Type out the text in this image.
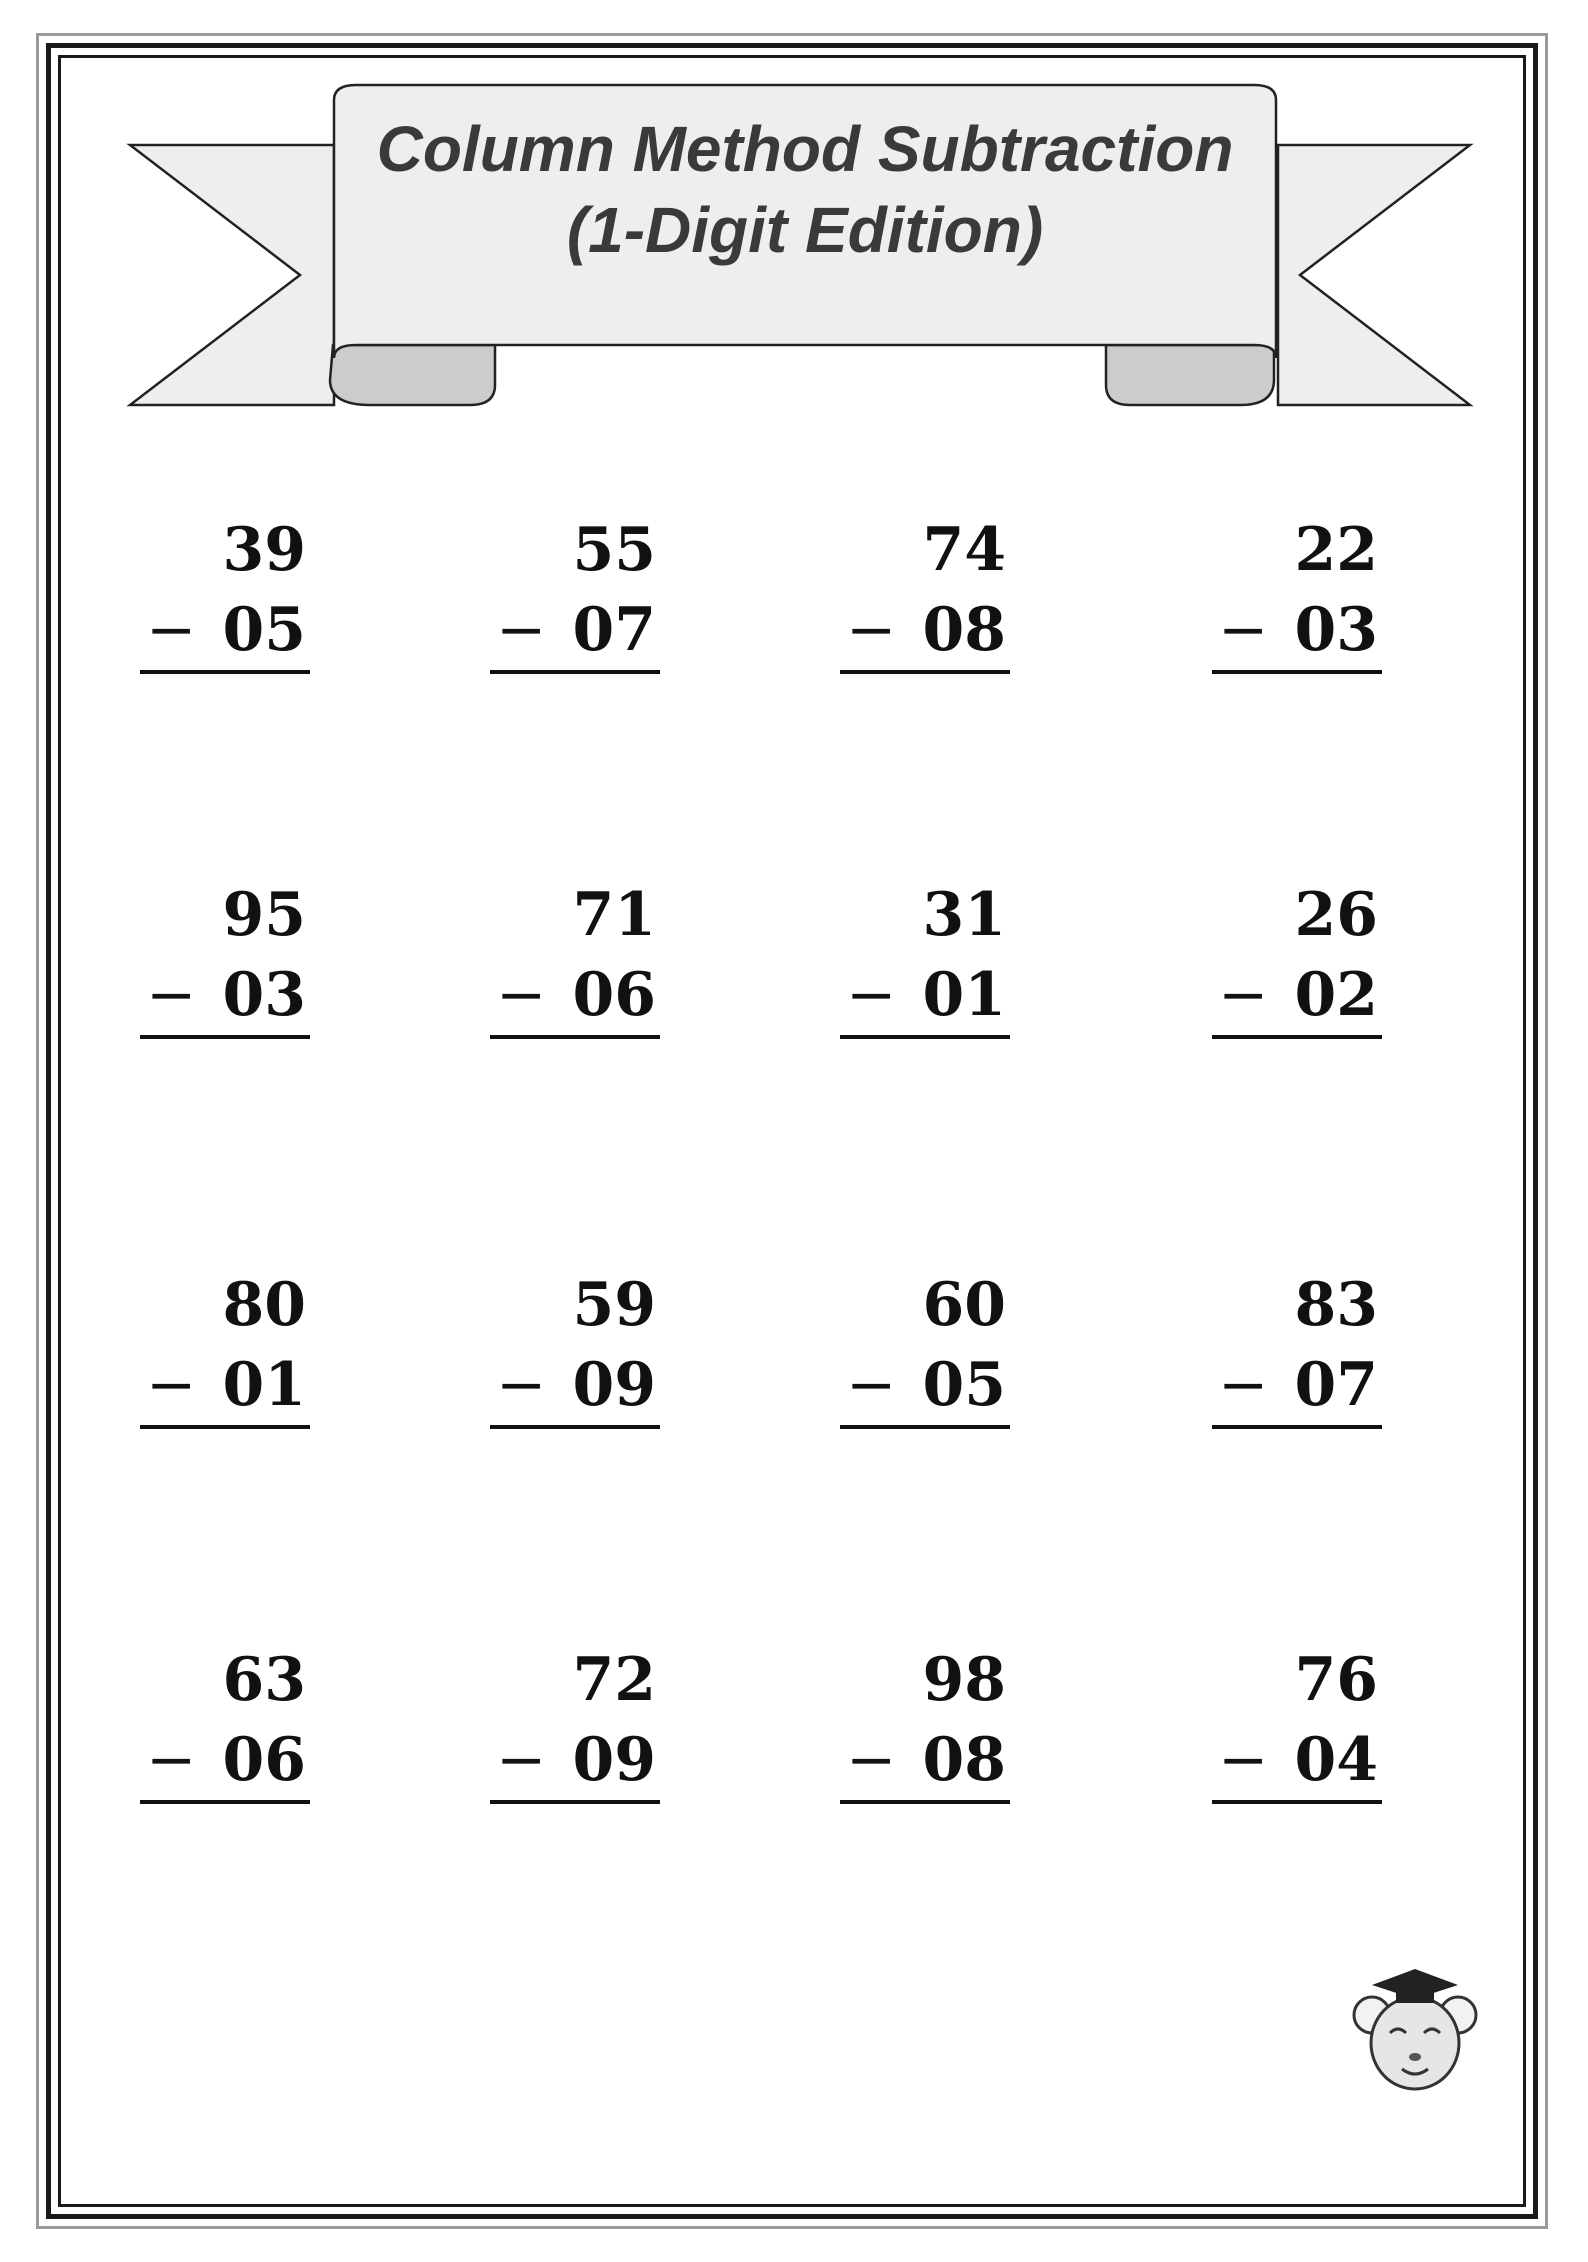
Column Method Subtraction
(1-Digit Edition)
39
− 05
55
− 07
74
− 08
22
− 03
95
− 03
71
− 06
31
− 01
26
− 02
80
− 01
59
− 09
60
− 05
83
− 07
63
− 06
72
− 09
98
− 08
76
− 04
